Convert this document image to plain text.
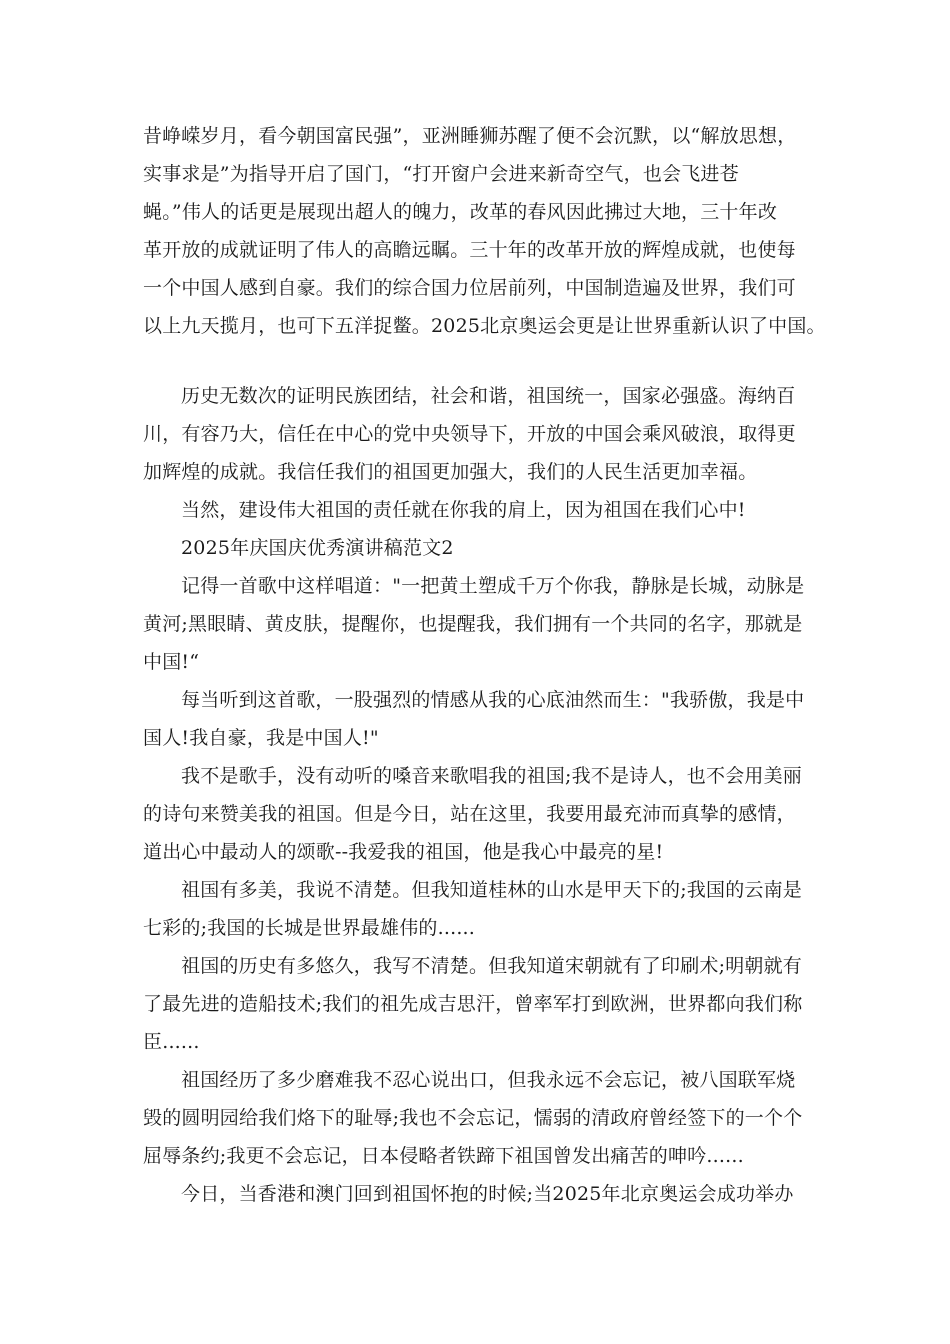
昔峥嵘岁月，看今朝国富民强”，亚洲睡狮苏醒了便不会沉默，以“解放思想，
实事求是”为指导开启了国门，“打开窗户会进来新奇空气，也会飞进苍
蝇。”伟人的话更是展现出超人的魄力，改革的春风因此拂过大地，三十年改
革开放的成就证明了伟人的高瞻远瞩。三十年的改革开放的辉煌成就，也使每
一个中国人感到自豪。我们的综合国力位居前列，中国制造遍及世界，我们可
以上九天揽月，也可下五洋捉鳖。2025北京奥运会更是让世界重新认识了中国。
历史无数次的证明民族团结，社会和谐，祖国统一，国家必强盛。海纳百
川，有容乃大，信任在中心的党中央领导下，开放的中国会乘风破浪，取得更
加辉煌的成就。我信任我们的祖国更加强大，我们的人民生活更加幸福。
当然，建设伟大祖国的责任就在你我的肩上，因为祖国在我们心中!
2025年庆国庆优秀演讲稿范文2
记得一首歌中这样唱道："一把黄土塑成千万个你我，静脉是长城，动脉是
黄河;黑眼睛、黄皮肤，提醒你，也提醒我，我们拥有一个共同的名字，那就是
中国!“
每当听到这首歌，一股强烈的情感从我的心底油然而生："我骄傲，我是中
国人!我自豪，我是中国人!"
我不是歌手，没有动听的嗓音来歌唱我的祖国;我不是诗人，也不会用美丽
的诗句来赞美我的祖国。但是今日，站在这里，我要用最充沛而真挚的感情，
道出心中最动人的颂歌--我爱我的祖国，他是我心中最亮的星!
祖国有多美，我说不清楚。但我知道桂林的山水是甲天下的;我国的云南是
七彩的;我国的长城是世界最雄伟的......
祖国的历史有多悠久，我写不清楚。但我知道宋朝就有了印刷术;明朝就有
了最先进的造船技术;我们的祖先成吉思汗，曾率军打到欧洲，世界都向我们称
臣......
祖国经历了多少磨难我不忍心说出口，但我永远不会忘记，被八国联军烧
毁的圆明园给我们烙下的耻辱;我也不会忘记，懦弱的清政府曾经签下的一个个
屈辱条约;我更不会忘记，日本侵略者铁蹄下祖国曾发出痛苦的呻吟......
今日，当香港和澳门回到祖国怀抱的时候;当2025年北京奥运会成功举办
